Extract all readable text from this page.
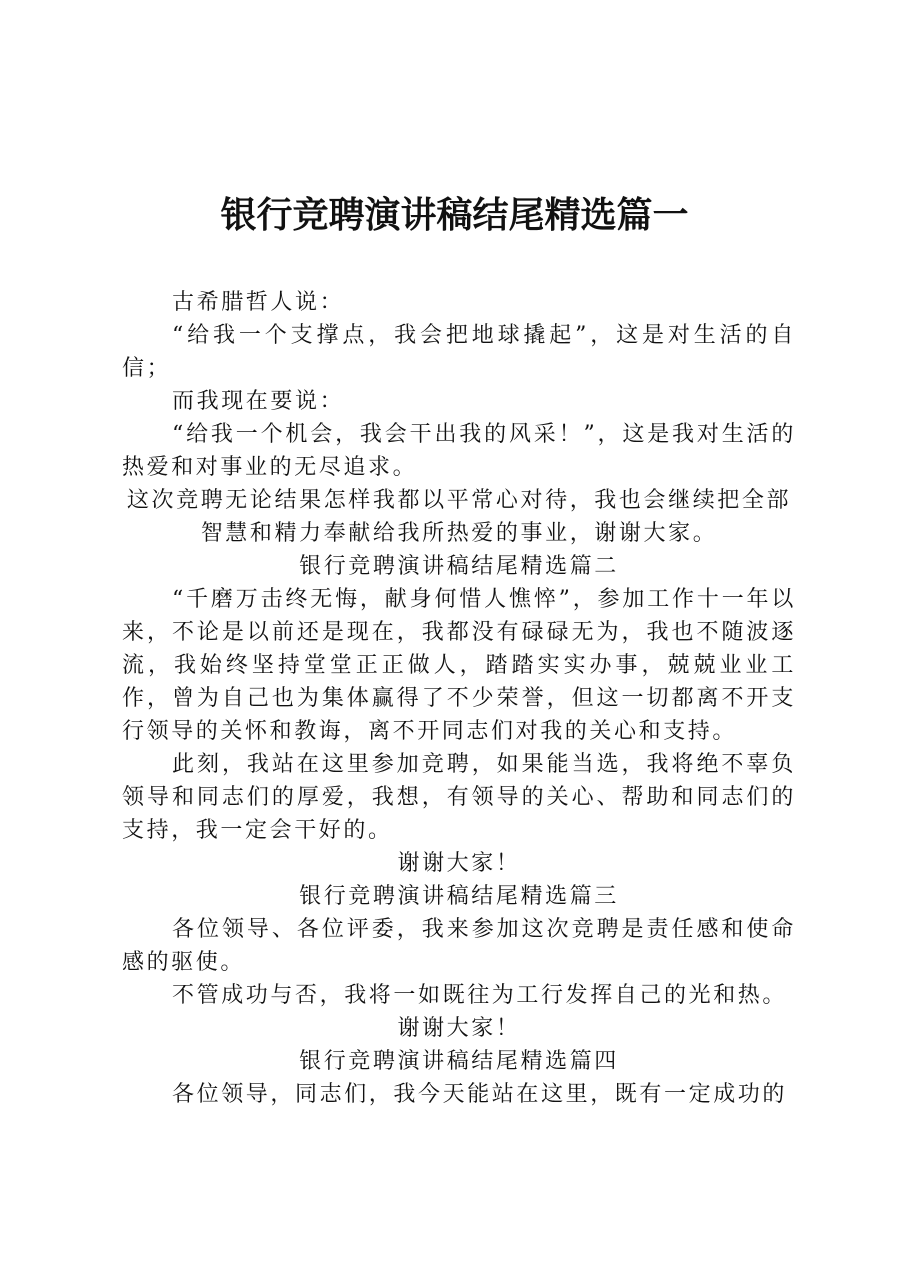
银行竞聘演讲稿结尾精选篇一

古希腊哲人说：

“给我一个支撑点，我会把地球撬起”，这是对生活的自信；

而我现在要说：

“给我一个机会，我会干出我的风采！”，这是我对生活的热爱和对事业的无尽追求。

这次竞聘无论结果怎样我都以平常心对待，我也会继续把全部智慧和精力奉献给我所热爱的事业，谢谢大家。

银行竞聘演讲稿结尾精选篇二

“千磨万击终无悔，献身何惜人憔悴”，参加工作十一年以来，不论是以前还是现在，我都没有碌碌无为，我也不随波逐流，我始终坚持堂堂正正做人，踏踏实实办事，兢兢业业工作，曾为自己也为集体赢得了不少荣誉，但这一切都离不开支行领导的关怀和教诲，离不开同志们对我的关心和支持。

此刻，我站在这里参加竞聘，如果能当选，我将绝不辜负领导和同志们的厚爱，我想，有领导的关心、帮助和同志们的支持，我一定会干好的。

谢谢大家！

银行竞聘演讲稿结尾精选篇三

各位领导、各位评委，我来参加这次竞聘是责任感和使命感的驱使。

不管成功与否，我将一如既往为工行发挥自己的光和热。

谢谢大家！

银行竞聘演讲稿结尾精选篇四

各位领导，同志们，我今天能站在这里，既有一定成功的
